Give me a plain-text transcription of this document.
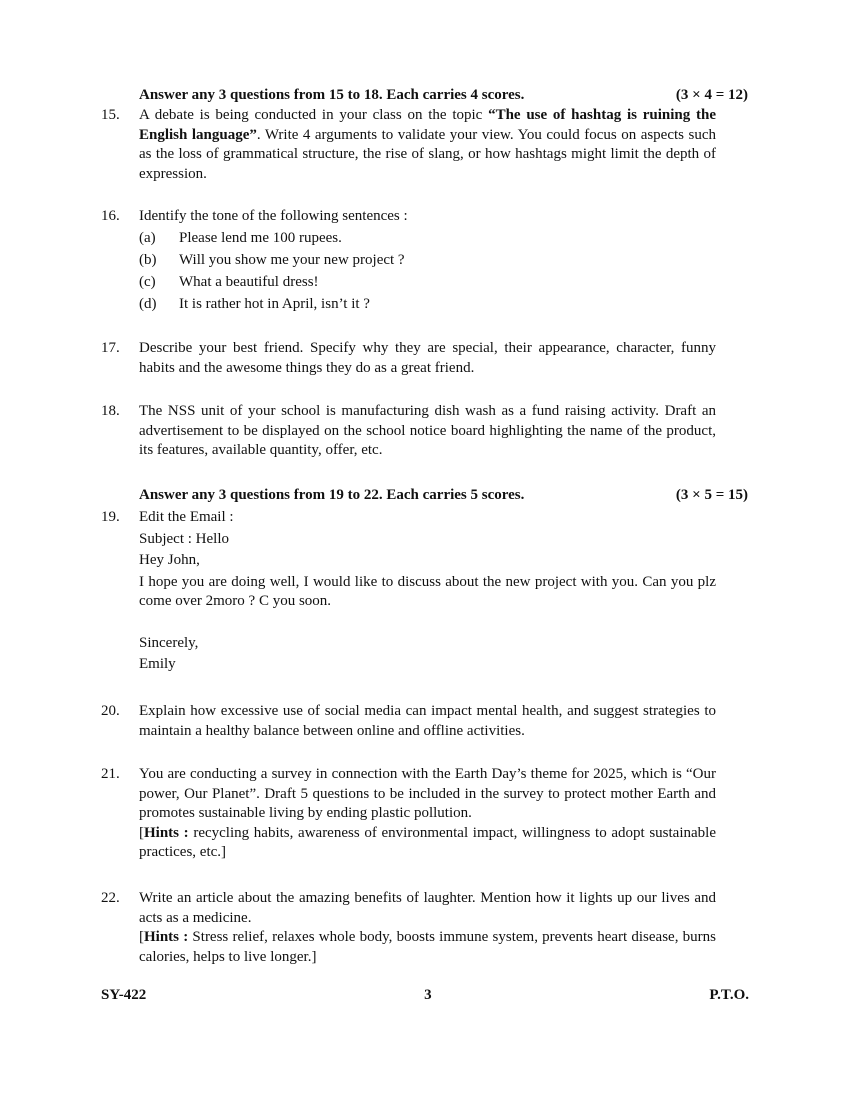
Answer any 3 questions from 15 to 18. Each carries 4 scores.	(3 × 4 = 12)
15.	A debate is being conducted in your class on the topic “The use of hashtag is ruining the English language”. Write 4 arguments to validate your view. You could focus on aspects such as the loss of grammatical structure, the rise of slang, or how hashtags might limit the depth of expression.

16.	Identify the tone of the following sentences :

(a)	Please lend me 100 rupees.
(b)	Will you show me your new project ?
(c)	What a beautiful dress!
(d)	It is rather hot in April, isn’t it ?
17.	Describe your best friend. Specify why they are special, their appearance, character, funny habits and the awesome things they do as a great friend.

18.	The NSS unit of your school is manufacturing dish wash as a fund raising activity. Draft an advertisement to be displayed on the school notice board highlighting the name of the product, its features, available quantity, offer, etc.

Answer any 3 questions from 19 to 22. Each carries 5 scores.	(3 × 5 = 15)
19.	Edit the Email :

Subject : Hello

Hey John,

I hope you are doing well, I would like to discuss about the new project with you. Can you plz come over 2moro ? C you soon.

Sincerely,

Emily

20.	Explain how excessive use of social media can impact mental health, and suggest strategies to maintain a healthy balance between online and offline activities.

21.	You are conducting a survey in connection with the Earth Day’s theme for 2025, which is “Our power, Our Planet”. Draft 5 questions to be included in the survey to protect mother Earth and promotes sustainable living by ending plastic pollution.

[Hints : recycling habits, awareness of environmental impact, willingness to adopt sustainable practices, etc.]

22.	Write an article about the amazing benefits of laughter. Mention how it lights up our lives and acts as a medicine.

[Hints : Stress relief, relaxes whole body, boosts immune system, prevents heart disease, burns calories, helps to live longer.]

SY-422	3	P.T.O.
